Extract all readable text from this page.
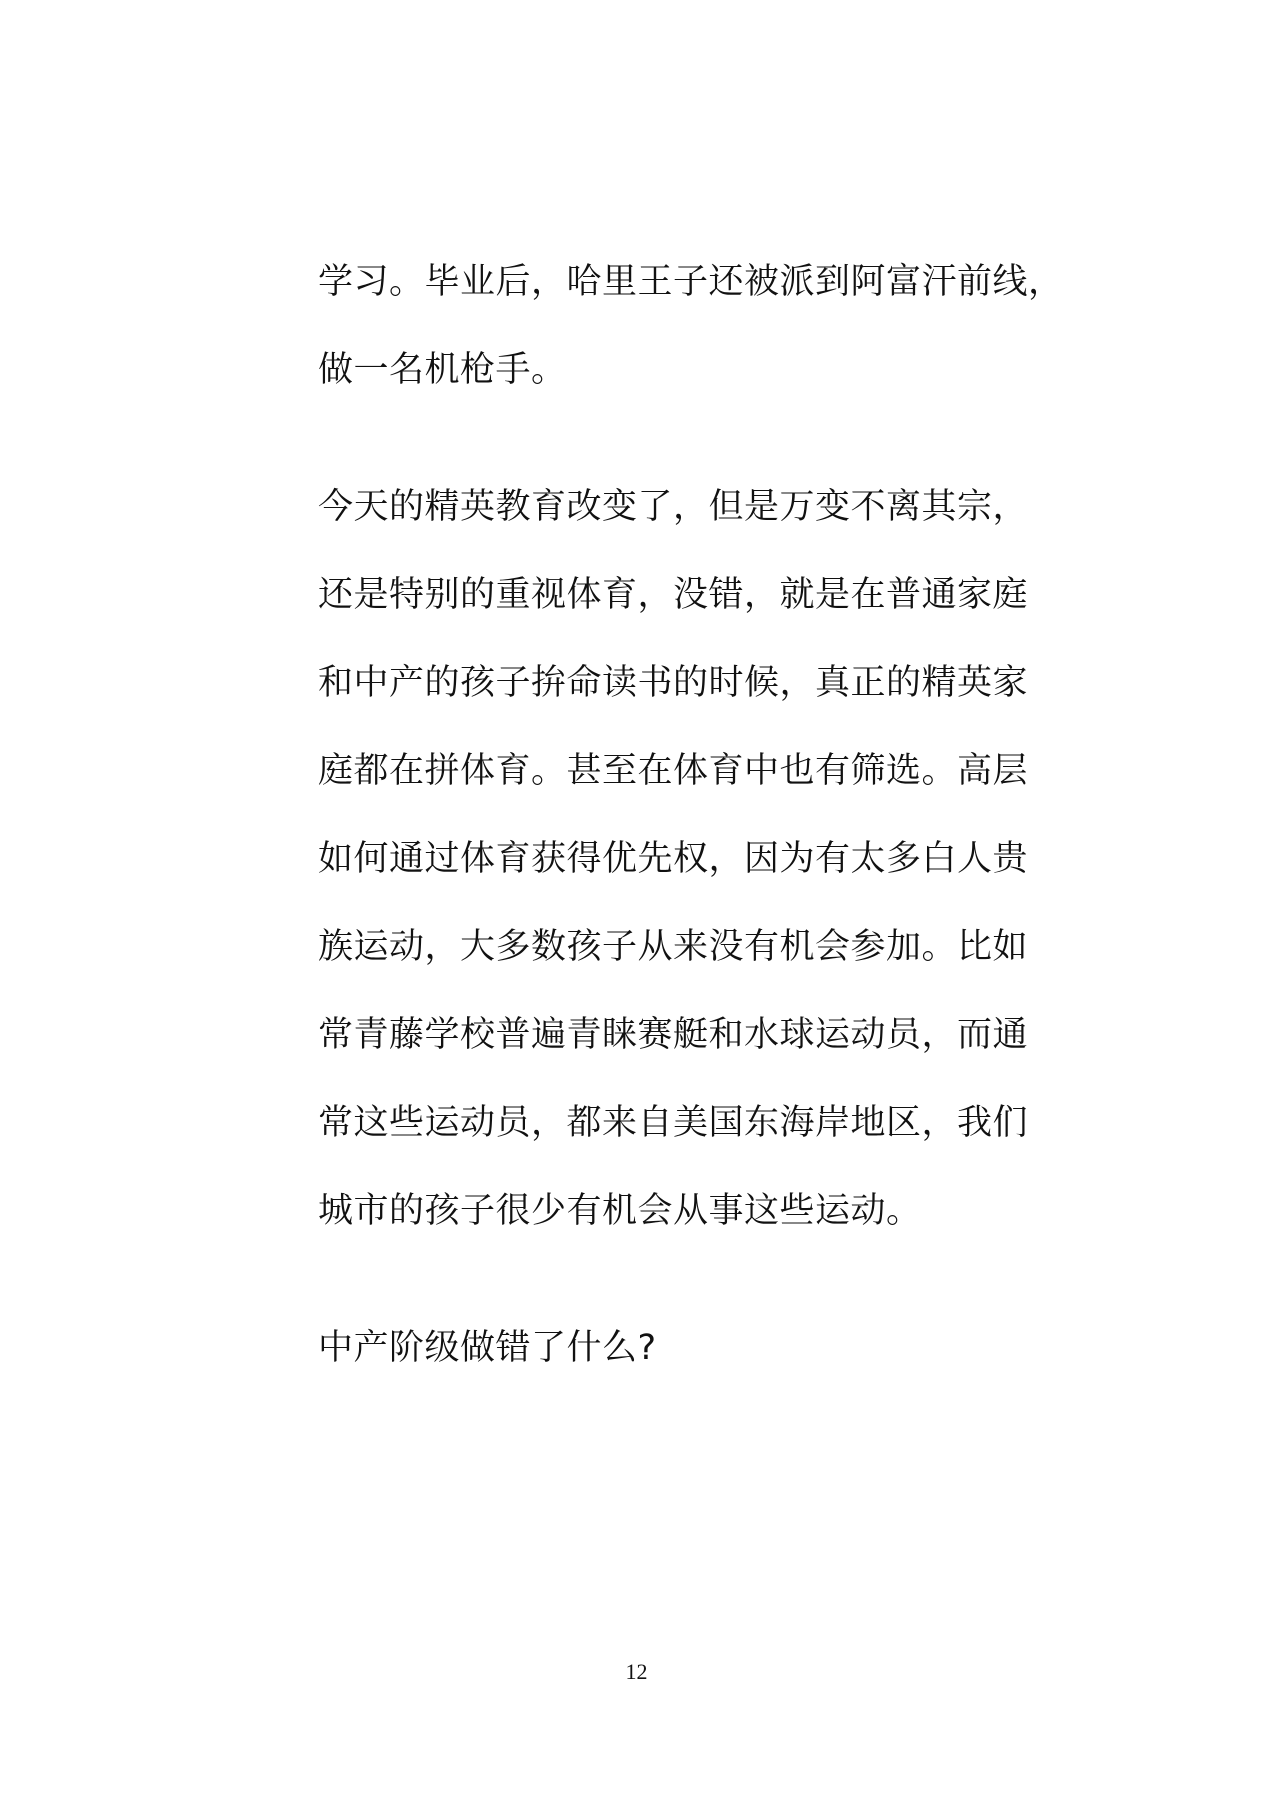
学习。毕业后，哈里王子还被派到阿富汗前线，
做一名机枪手。
今天的精英教育改变了，但是万变不离其宗，
还是特别的重视体育，没错，就是在普通家庭
和中产的孩子拚命读书的时候，真正的精英家
庭都在拼体育。甚至在体育中也有筛选。高层
如何通过体育获得优先权，因为有太多白人贵
族运动，大多数孩子从来没有机会参加。比如
常青藤学校普遍青睐赛艇和水球运动员，而通
常这些运动员，都来自美国东海岸地区，我们
城市的孩子很少有机会从事这些运动。
中产阶级做错了什么?
12
